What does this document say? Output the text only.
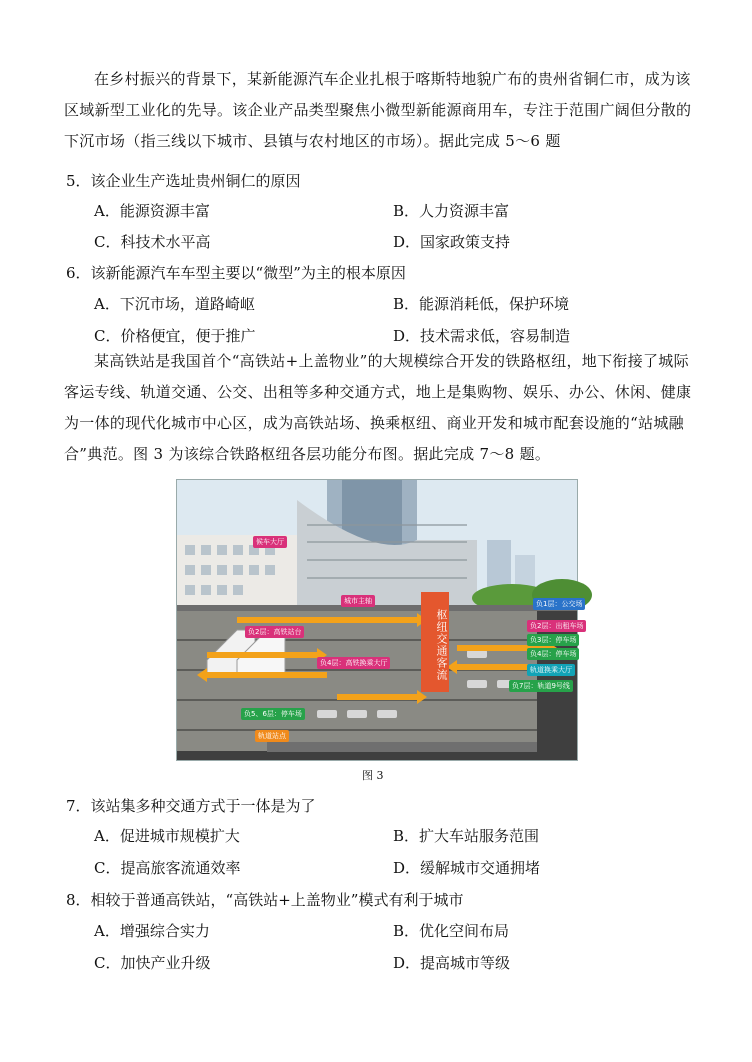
在乡村振兴的背景下，某新能源汽车企业扎根于喀斯特地貌广布的贵州省铜仁市，成为该区域新型工业化的先导。该企业产品类型聚焦小微型新能源商用车，专注于范围广阔但分散的下沉市场（指三线以下城市、县镇与农村地区的市场）。据此完成 5～6 题

5．该企业生产选址贵州铜仁的原因
A．能源资源丰富	B．人力资源丰富
C．科技术水平高	D．国家政策支持
6．该新能源汽车车型主要以“微型”为主的根本原因
A．下沉市场，道路崎岖	B．能源消耗低，保护环境
C．价格便宜，便于推广	D．技术需求低，容易制造

某高铁站是我国首个“高铁站+上盖物业”的大规模综合开发的铁路枢纽，地下衔接了城际客运专线、轨道交通、公交、出租等多种交通方式，地上是集购物、娱乐、办公、休闲、健康为一体的现代化城市中心区，成为高铁站场、换乘枢纽、商业开发和城市配套设施的“站城融合”典范。图 3 为该综合铁路枢纽各层功能分布图。据此完成 7～8 题。

枢纽交通客流
候车大厅
城市主轴
负2层：高铁站台
负4层：高铁换乘大厅
负5、6层：停车场
轨道站点
负1层：公交场
负2层：出租车场
负3层：停车场
负4层：停车场
轨道换乘大厅
负7层：轨道9号线
图 3
7．该站集多种交通方式于一体是为了
A．促进城市规模扩大	B．扩大车站服务范围
C．提高旅客流通效率	D．缓解城市交通拥堵
8．相较于普通高铁站，“高铁站+上盖物业”模式有利于城市
A．增强综合实力	B．优化空间布局
C．加快产业升级	D．提高城市等级
